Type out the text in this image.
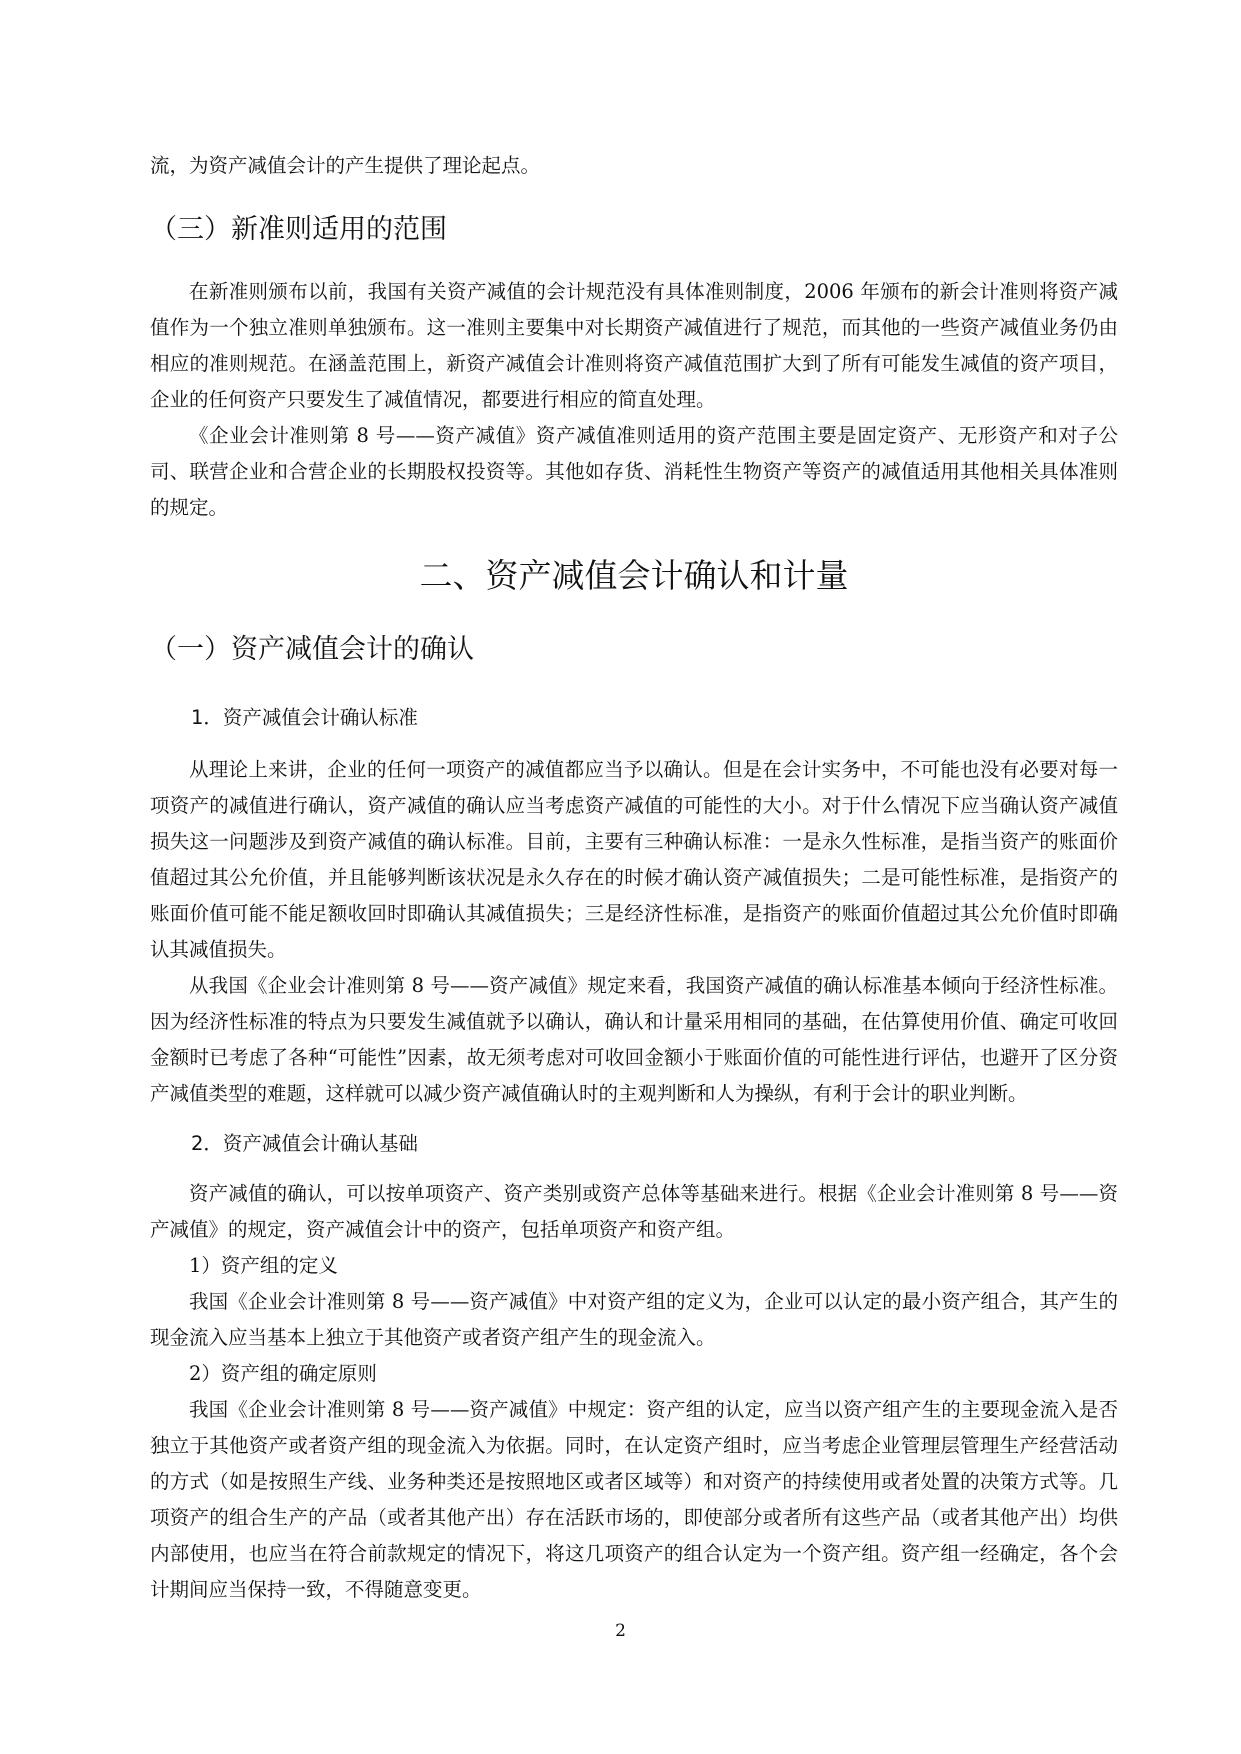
流，为资产减值会计的产生提供了理论起点。

（三）新准则适用的范围

在新准则颁布以前，我国有关资产减值的会计规范没有具体准则制度，2006 年颁布的新会计准则将资产减值作为一个独立准则单独颁布。这一准则主要集中对长期资产减值进行了规范，而其他的一些资产减值业务仍由相应的准则规范。在涵盖范围上，新资产减值会计准则将资产减值范围扩大到了所有可能发生减值的资产项目，企业的任何资产只要发生了减值情况，都要进行相应的简直处理。

《企业会计准则第 8 号——资产减值》资产减值准则适用的资产范围主要是固定资产、无形资产和对子公司、联营企业和合营企业的长期股权投资等。其他如存货、消耗性生物资产等资产的减值适用其他相关具体准则的规定。

二、资产减值会计确认和计量
（一）资产减值会计的确认
1．资产减值会计确认标准

从理论上来讲，企业的任何一项资产的减值都应当予以确认。但是在会计实务中，不可能也没有必要对每一项资产的减值进行确认，资产减值的确认应当考虑资产减值的可能性的大小。对于什么情况下应当确认资产减值损失这一问题涉及到资产减值的确认标准。目前，主要有三种确认标准：一是永久性标准，是指当资产的账面价值超过其公允价值，并且能够判断该状况是永久存在的时候才确认资产减值损失；二是可能性标准，是指资产的账面价值可能不能足额收回时即确认其减值损失；三是经济性标准，是指资产的账面价值超过其公允价值时即确认其减值损失。

从我国《企业会计准则第 8 号——资产减值》规定来看，我国资产减值的确认标准基本倾向于经济性标准。因为经济性标准的特点为只要发生减值就予以确认，确认和计量采用相同的基础，在估算使用价值、确定可收回金额时已考虑了各种“可能性”因素，故无须考虑对可收回金额小于账面价值的可能性进行评估，也避开了区分资产减值类型的难题，这样就可以减少资产减值确认时的主观判断和人为操纵，有利于会计的职业判断。

2．资产减值会计确认基础

资产减值的确认，可以按单项资产、资产类别或资产总体等基础来进行。根据《企业会计准则第 8 号——资产减值》的规定，资产减值会计中的资产，包括单项资产和资产组。

1）资产组的定义

我国《企业会计准则第 8 号——资产减值》中对资产组的定义为，企业可以认定的最小资产组合，其产生的现金流入应当基本上独立于其他资产或者资产组产生的现金流入。

2）资产组的确定原则

我国《企业会计准则第 8 号——资产减值》中规定：资产组的认定，应当以资产组产生的主要现金流入是否独立于其他资产或者资产组的现金流入为依据。同时，在认定资产组时，应当考虑企业管理层管理生产经营活动的方式（如是按照生产线、业务种类还是按照地区或者区域等）和对资产的持续使用或者处置的决策方式等。几项资产的组合生产的产品（或者其他产出）存在活跃市场的，即使部分或者所有这些产品（或者其他产出）均供内部使用，也应当在符合前款规定的情况下，将这几项资产的组合认定为一个资产组。资产组一经确定，各个会计期间应当保持一致，不得随意变更。

2
